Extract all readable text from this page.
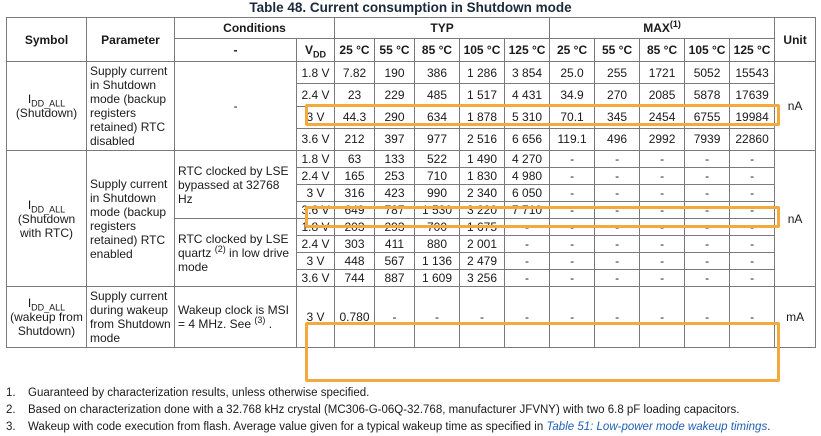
Table 48. Current consumption in Shutdown mode
Symbol	Parameter	Conditions		TYP					MAX$^{(1)}$					Unit
		-	$V_{DD}$	25 °C	55 °C	85 °C	105 °C	125 °C	25 °C	55 °C	85 °C	105 °C	125 °C	
$I_{DD\_ALL}$
(Shutdown)	Supply current in Shutdown mode (backup registers retained) RTC disabled	-	1.8 V	7.82	190	386	1 286	3 854	25.0	255	1721	5052	15543	nA
			2.4 V	23	229	485	1 517	4 431	34.9	270	2085	5878	17639	
			3 V	44.3	290	634	1 878	5 310	70.1	345	2454	6755	19984	
			3.6 V	212	397	977	2 516	6 656	119.1	496	2992	7939	22860	
$I_{DD\_ALL}$
(Shutdown with RTC)	Supply current in Shutdown mode (backup registers retained) RTC enabled	RTC clocked by LSE bypassed at 32768 Hz	1.8 V	63	133	522	1 490	4 270	-	-	-	-	-	nA
			2.4 V	165	253	710	1 830	4 980	-	-	-	-	-	
			3 V	316	423	990	2 340	6 050	-	-	-	-	-	
			3.6 V	649	787	1 530	3 220	7 710	-	-	-	-	-	
		RTC clocked by LSE quartz $^{(2)}$ in low drive mode	1.8 V	203	293	700	1 675	-	-	-	-	-	-	
			2.4 V	303	411	880	2 001	-	-	-	-	-	-	
			3 V	448	567	1 136	2 479	-	-	-	-	-	-	
			3.6 V	744	887	1 609	3 256	-	-	-	-	-	-	
$I_{DD\_ALL}$
(wakeup from Shutdown)	Supply current during wakeup from Shutdown mode	Wakeup clock is MSI = 4 MHz. See $^{(3)}$ .	3 V	0.780	-	-	-	-	-	-	-	-	-	mA
1.	Guaranteed by characterization results, unless otherwise specified.
2.	Based on characterization done with a 32.768 kHz crystal (MC306-G-06Q-32.768, manufacturer JFVNY) with two 6.8 pF loading capacitors.
3.	Wakeup with code execution from flash. Average value given for a typical wakeup time as specified in Table 51: Low-power mode wakeup timings.
